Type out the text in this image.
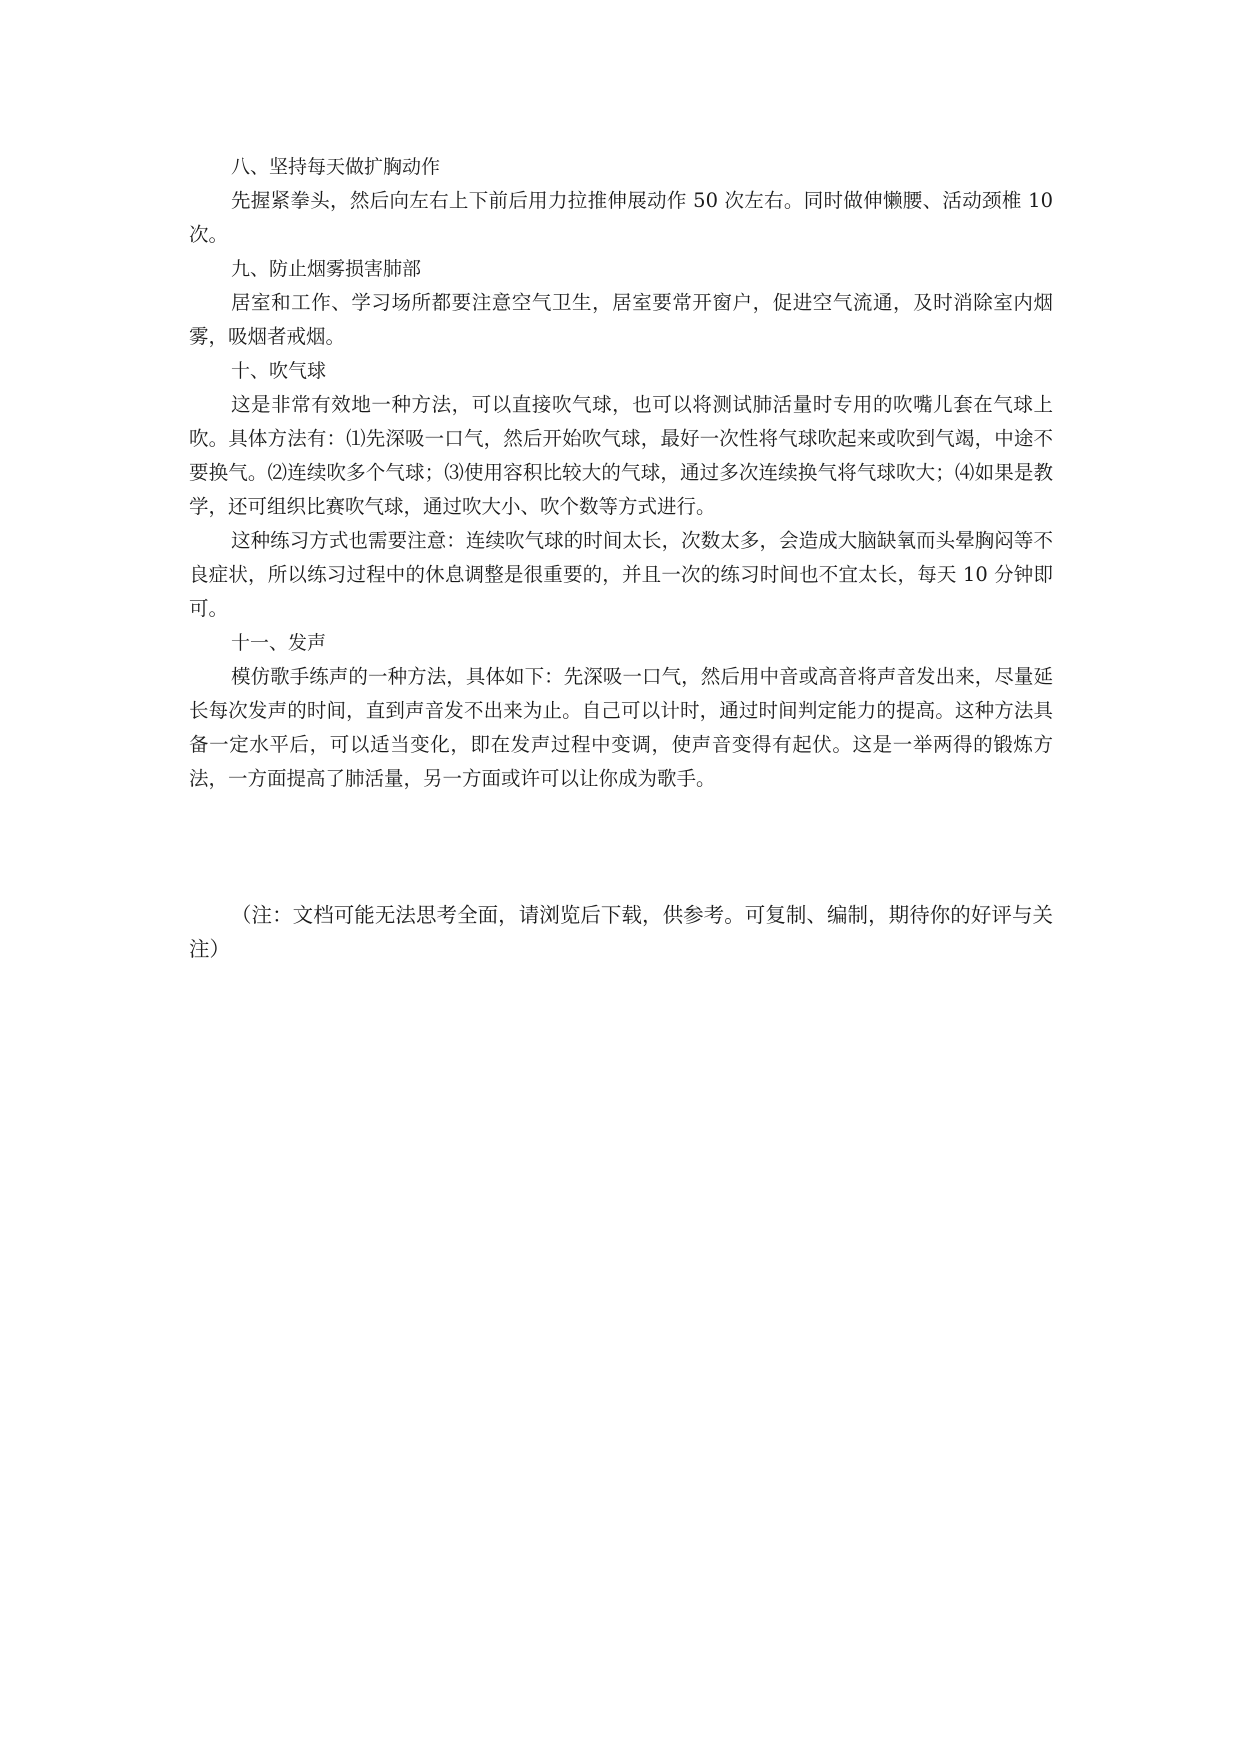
八、坚持每天做扩胸动作

先握紧拳头，然后向左右上下前后用力拉推伸展动作 50 次左右。同时做伸懒腰、活动颈椎 10 次。

九、防止烟雾损害肺部

居室和工作、学习场所都要注意空气卫生，居室要常开窗户，促进空气流通，及时消除室内烟雾，吸烟者戒烟。

十、吹气球

这是非常有效地一种方法，可以直接吹气球，也可以将测试肺活量时专用的吹嘴儿套在气球上吹。具体方法有：⑴先深吸一口气，然后开始吹气球，最好一次性将气球吹起来或吹到气竭，中途不要换气。⑵连续吹多个气球；⑶使用容积比较大的气球，通过多次连续换气将气球吹大；⑷如果是教学，还可组织比赛吹气球，通过吹大小、吹个数等方式进行。

这种练习方式也需要注意：连续吹气球的时间太长，次数太多，会造成大脑缺氧而头晕胸闷等不良症状，所以练习过程中的休息调整是很重要的，并且一次的练习时间也不宜太长，每天 10 分钟即可。

十一、发声

模仿歌手练声的一种方法，具体如下：先深吸一口气，然后用中音或高音将声音发出来，尽量延长每次发声的时间，直到声音发不出来为止。自己可以计时，通过时间判定能力的提高。这种方法具备一定水平后，可以适当变化，即在发声过程中变调，使声音变得有起伏。这是一举两得的锻炼方法，一方面提高了肺活量，另一方面或许可以让你成为歌手。

（注：文档可能无法思考全面，请浏览后下载，供参考。可复制、编制，期待你的好评与关注）
